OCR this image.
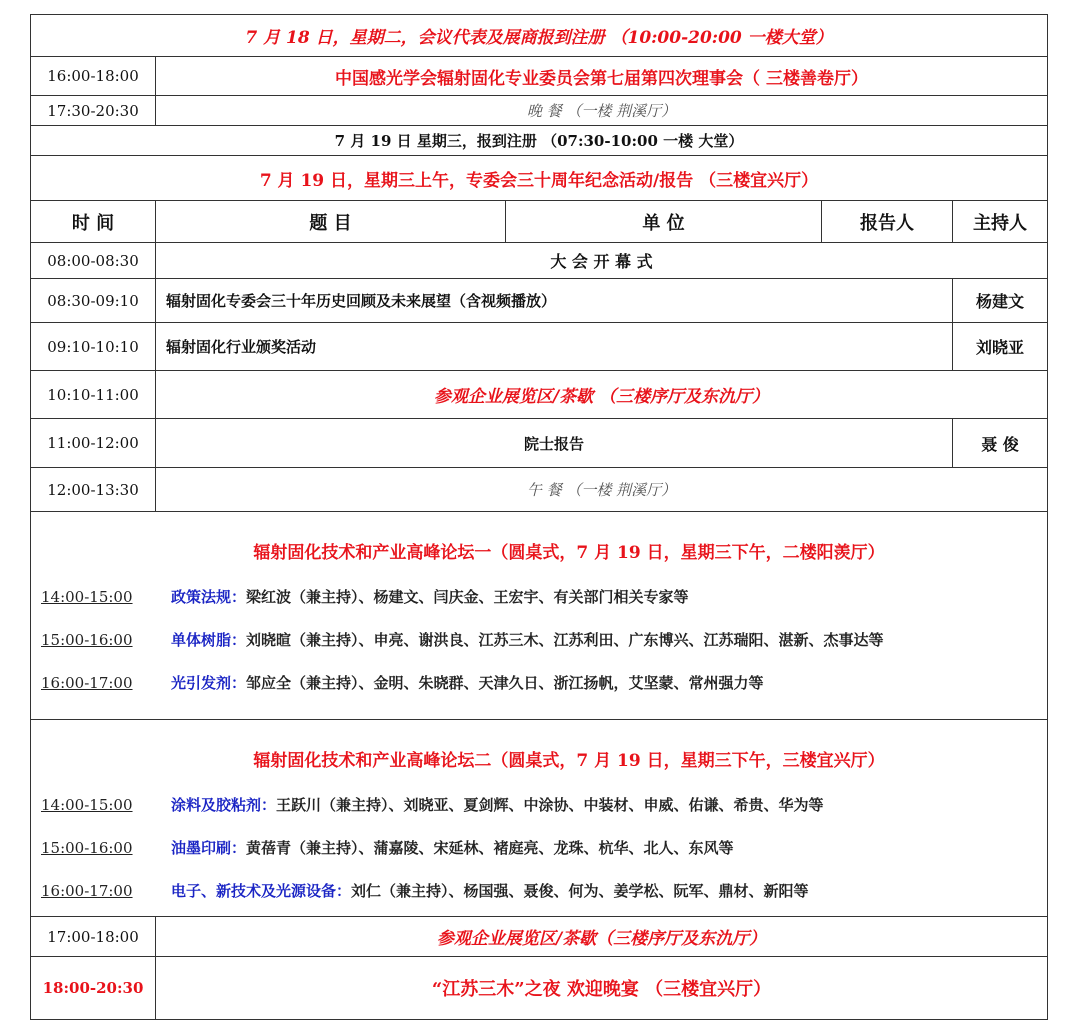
7 月 18 日，星期二，会议代表及展商报到注册 （10:00-20:00 一楼大堂）
16:00-18:00	中国感光学会辐射固化专业委员会第七届第四次理事会（ 三楼善卷厅）
17:30-20:30	晚 餐 （一楼 荆溪厅）
7 月 19 日 星期三，报到注册 （07:30-10:00 一楼 大堂）
7 月 19 日，星期三上午，专委会三十周年纪念活动/报告 （三楼宜兴厅）
时 间	题 目	单 位	报告人	主持人
08:00-08:30	大 会 开 幕 式
08:30-09:10	辐射固化专委会三十年历史回顾及未来展望（含视频播放）	杨建文
09:10-10:10	辐射固化行业颁奖活动	刘晓亚
10:10-11:00	参观企业展览区/茶歇 （三楼序厅及东氿厅）
11:00-12:00	院士报告	聂 俊
12:00-13:30	午 餐 （一楼 荆溪厅）
辐射固化技术和产业高峰论坛一（圆桌式，7 月 19 日，星期三下午，二楼阳羡厅）
14:00-15:00	政策法规： 梁红波（兼主持）、杨建文、闫庆金、王宏宇、有关部门相关专家等
15:00-16:00	单体树脂： 刘晓暄（兼主持）、申亮、谢洪良、江苏三木、江苏利田、广东博兴、江苏瑞阳、湛新、杰事达等
16:00-17:00	光引发剂： 邹应全（兼主持）、金明、朱晓群、天津久日、浙江扬帆，艾坚蒙、常州强力等
辐射固化技术和产业高峰论坛二（圆桌式，7 月 19 日，星期三下午，三楼宜兴厅）
14:00-15:00	涂料及胶粘剂： 王跃川（兼主持）、刘晓亚、夏剑辉、中涂协、中装材、申威、佑谦、希贵、华为等
15:00-16:00	油墨印刷： 黄蓓青（兼主持）、蒲嘉陵、宋延林、褚庭亮、龙珠、杭华、北人、东风等
16:00-17:00	电子、新技术及光源设备： 刘仁（兼主持）、杨国强、聂俊、何为、姜学松、阮军、鼎材、新阳等
17:00-18:00	参观企业展览区/茶歇（三楼序厅及东氿厅）
18:00-20:30	“江苏三木”之夜 欢迎晚宴 （三楼宜兴厅）
